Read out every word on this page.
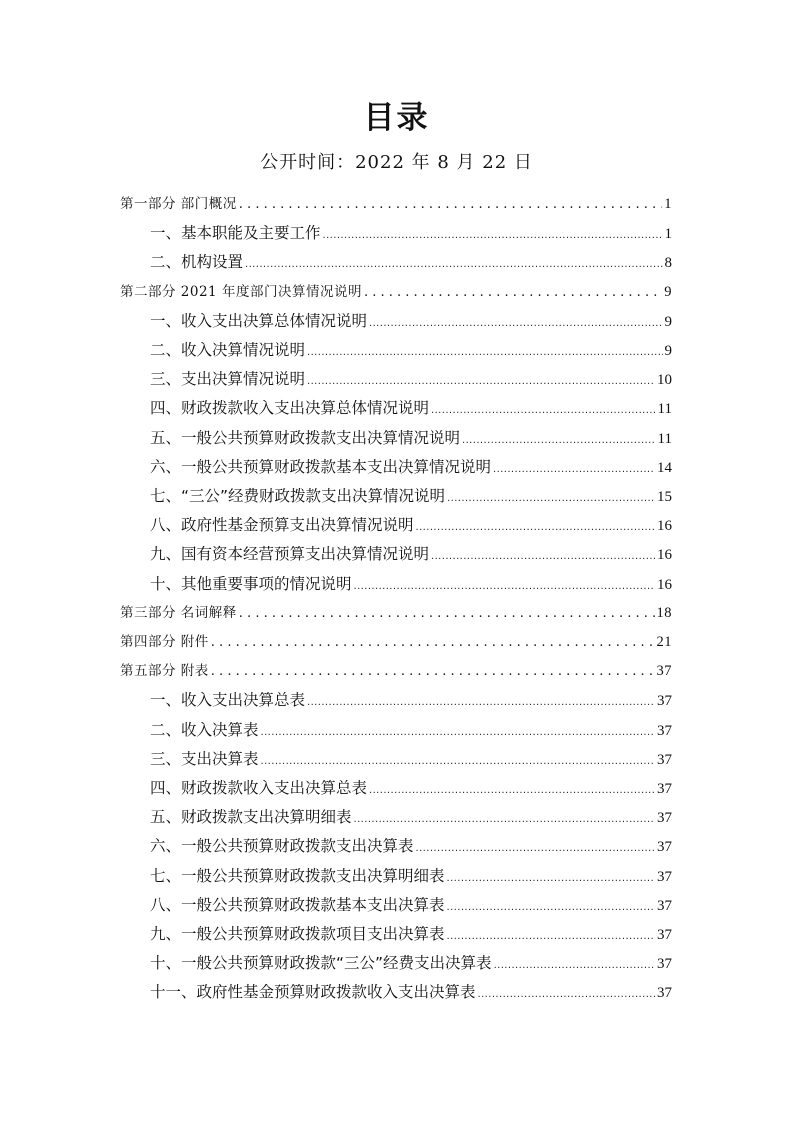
目录
公开时间：2022 年 8 月 22 日
第一部分 部门概况 . . .	1
一、基本职能及主要工作 .....	1
二、机构设置 .....	8
第二部分 2021 年度部门决算情况说明 . . .	9
一、收入支出决算总体情况说明 .....	9
二、收入决算情况说明 .....	9
三、支出决算情况说明 .....	10
四、财政拨款收入支出决算总体情况说明 .....	11
五、一般公共预算财政拨款支出决算情况说明 .....	11
六、一般公共预算财政拨款基本支出决算情况说明 .....	14
七、“三公”经费财政拨款支出决算情况说明 .....	15
八、政府性基金预算支出决算情况说明 .....	16
九、国有资本经营预算支出决算情况说明 .....	16
十、其他重要事项的情况说明 .....	16
第三部分 名词解释 . . .	18
第四部分 附件 . . .	21
第五部分 附表 . . .	37
一、收入支出决算总表 .....	37
二、收入决算表 .....	37
三、支出决算表 .....	37
四、财政拨款收入支出决算总表 .....	37
五、财政拨款支出决算明细表 .....	37
六、一般公共预算财政拨款支出决算表 .....	37
七、一般公共预算财政拨款支出决算明细表 .....	37
八、一般公共预算财政拨款基本支出决算表 .....	37
九、一般公共预算财政拨款项目支出决算表 .....	37
十、一般公共预算财政拨款“三公”经费支出决算表 .....	37
十一、政府性基金预算财政拨款收入支出决算表 .....	37
